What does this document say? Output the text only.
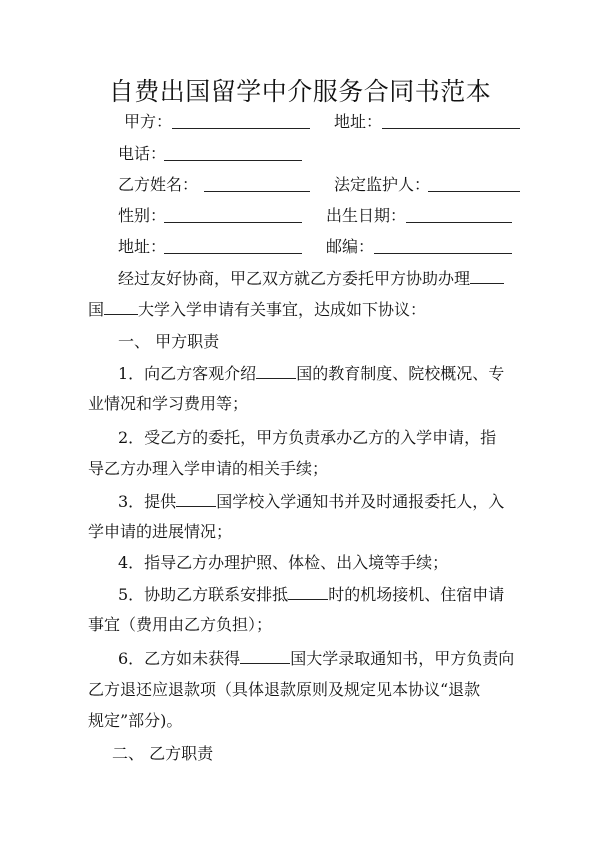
自费出国留学中介服务合同书范本
甲方：	地址：
电话：
乙方姓名：	法定监护人：
性别：	出生日期：
地址：	邮编：
经过友好协商，甲乙双方就乙方委托甲方协助办理
国 大学入学申请有关事宜，达成如下协议：
一、 甲方职责
1．向乙方客观介绍	国的教育制度、院校概况、专
业情况和学习费用等；
2．受乙方的委托，甲方负责承办乙方的入学申请，指
导乙方办理入学申请的相关手续；
3．提供	国学校入学通知书并及时通报委托人，入
学申请的进展情况；
4．指导乙方办理护照、体检、出入境等手续；
5．协助乙方联系安排抵	时的机场接机、住宿申请
事宜（费用由乙方负担）；
6．乙方如未获得	国大学录取通知书，甲方负责向
乙方退还应退款项（具体退款原则及规定见本协议“退款
规定”部分)。
二、 乙方职责
